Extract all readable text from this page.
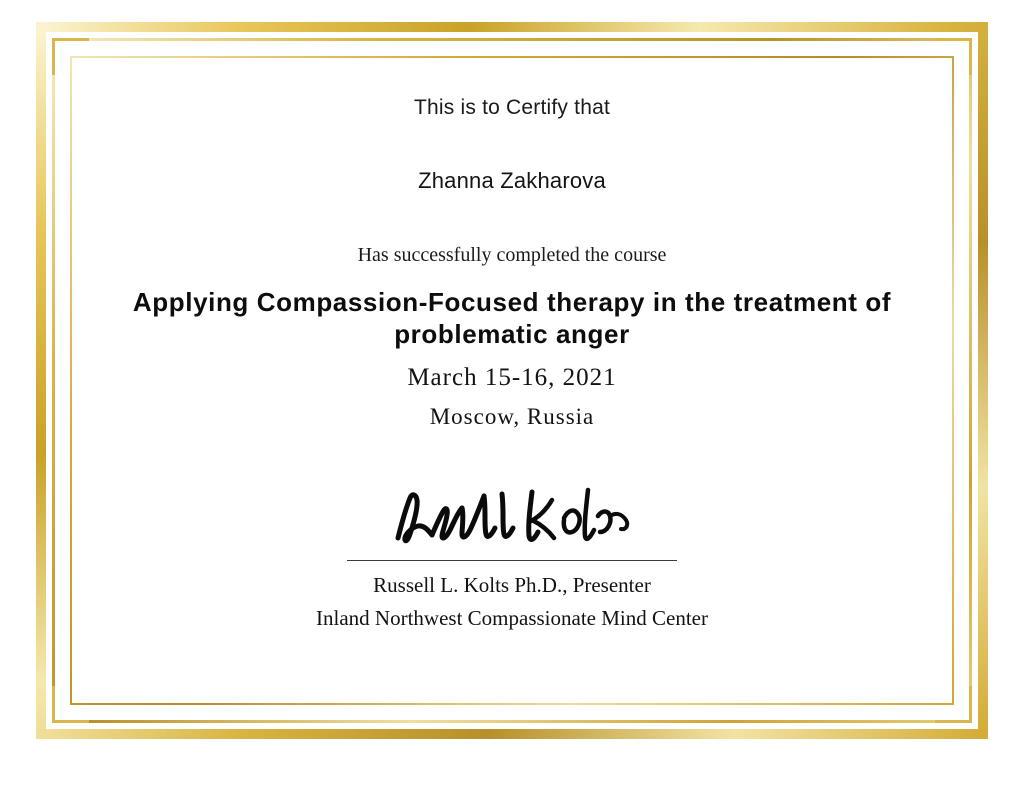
This is to Certify that
Zhanna Zakharova
Has successfully completed the course
Applying Compassion-Focused therapy in the treatment of problematic anger
March 15-16, 2021
Moscow, Russia
Russell L. Kolts Ph.D., Presenter
Inland Northwest Compassionate Mind Center
